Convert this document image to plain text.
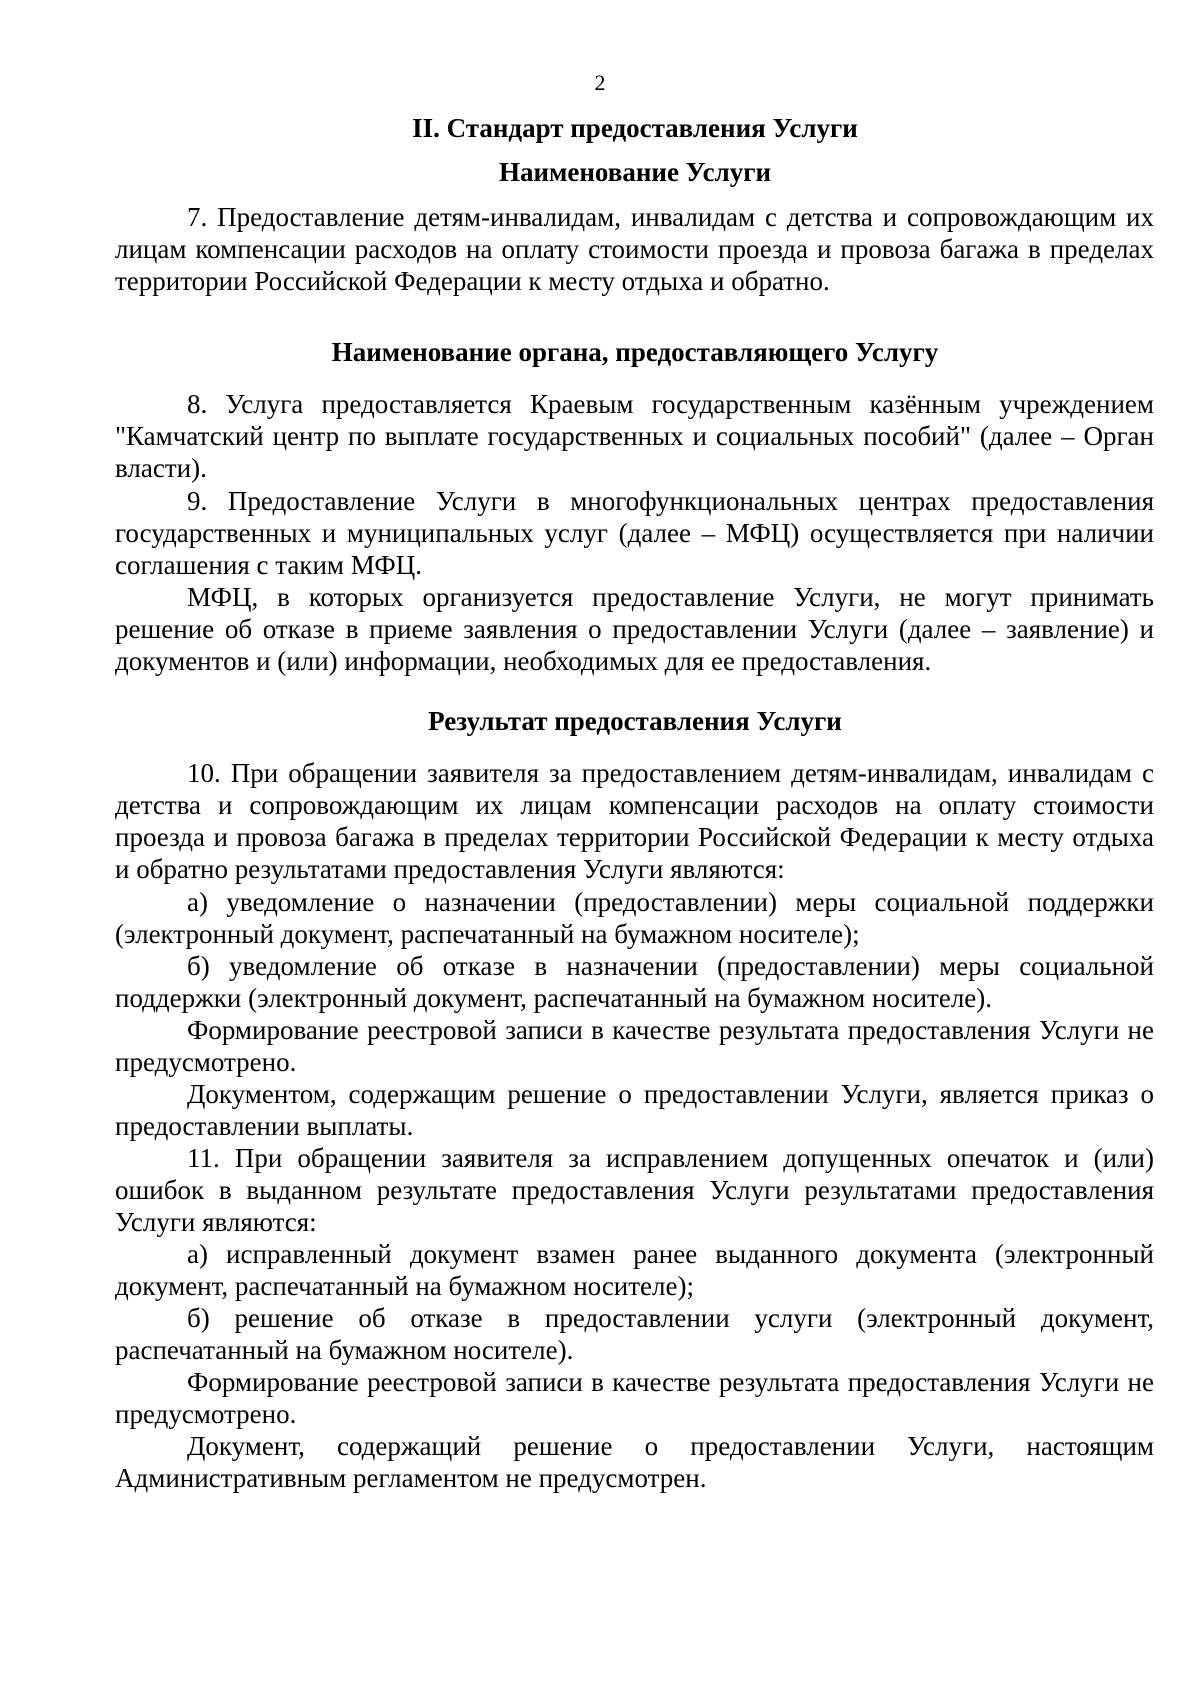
2
II. Стандарт предоставления Услуги
Наименование Услуги

7. Предоставление детям-инвалидам, инвалидам с детства и сопровождающим их лицам компенсации расходов на оплату стоимости проезда и провоза багажа в пределах территории Российской Федерации к месту отдыха и обратно.

Наименование органа, предоставляющего Услугу

8. Услуга предоставляется Краевым государственным казённым учреждением "Камчатский центр по выплате государственных и социальных пособий" (далее – Орган власти).

9. Предоставление Услуги в многофункциональных центрах предоставления государственных и муниципальных услуг (далее – МФЦ) осуществляется при наличии соглашения с таким МФЦ.

МФЦ, в которых организуется предоставление Услуги, не могут принимать решение об отказе в приеме заявления о предоставлении Услуги (далее – заявление) и документов и (или) информации, необходимых для ее предоставления.

Результат предоставления Услуги

10. При обращении заявителя за предоставлением детям-инвалидам, инвалидам с детства и сопровождающим их лицам компенсации расходов на оплату стоимости проезда и провоза багажа в пределах территории Российской Федерации к месту отдыха и обратно результатами предоставления Услуги являются:

а) уведомление о назначении (предоставлении) меры социальной поддержки (электронный документ, распечатанный на бумажном носителе);

б) уведомление об отказе в назначении (предоставлении) меры социальной поддержки (электронный документ, распечатанный на бумажном носителе).

Формирование реестровой записи в качестве результата предоставления Услуги не предусмотрено.

Документом, содержащим решение о предоставлении Услуги, является приказ о предоставлении выплаты.

11. При обращении заявителя за исправлением допущенных опечаток и (или) ошибок в выданном результате предоставления Услуги результатами предоставления Услуги являются:

а) исправленный документ взамен ранее выданного документа (электронный документ, распечатанный на бумажном носителе);

б) решение об отказе в предоставлении услуги (электронный документ, распечатанный на бумажном носителе).

Формирование реестровой записи в качестве результата предоставления Услуги не предусмотрено.

Документ, содержащий решение о предоставлении Услуги, настоящим Административным регламентом не предусмотрен.
